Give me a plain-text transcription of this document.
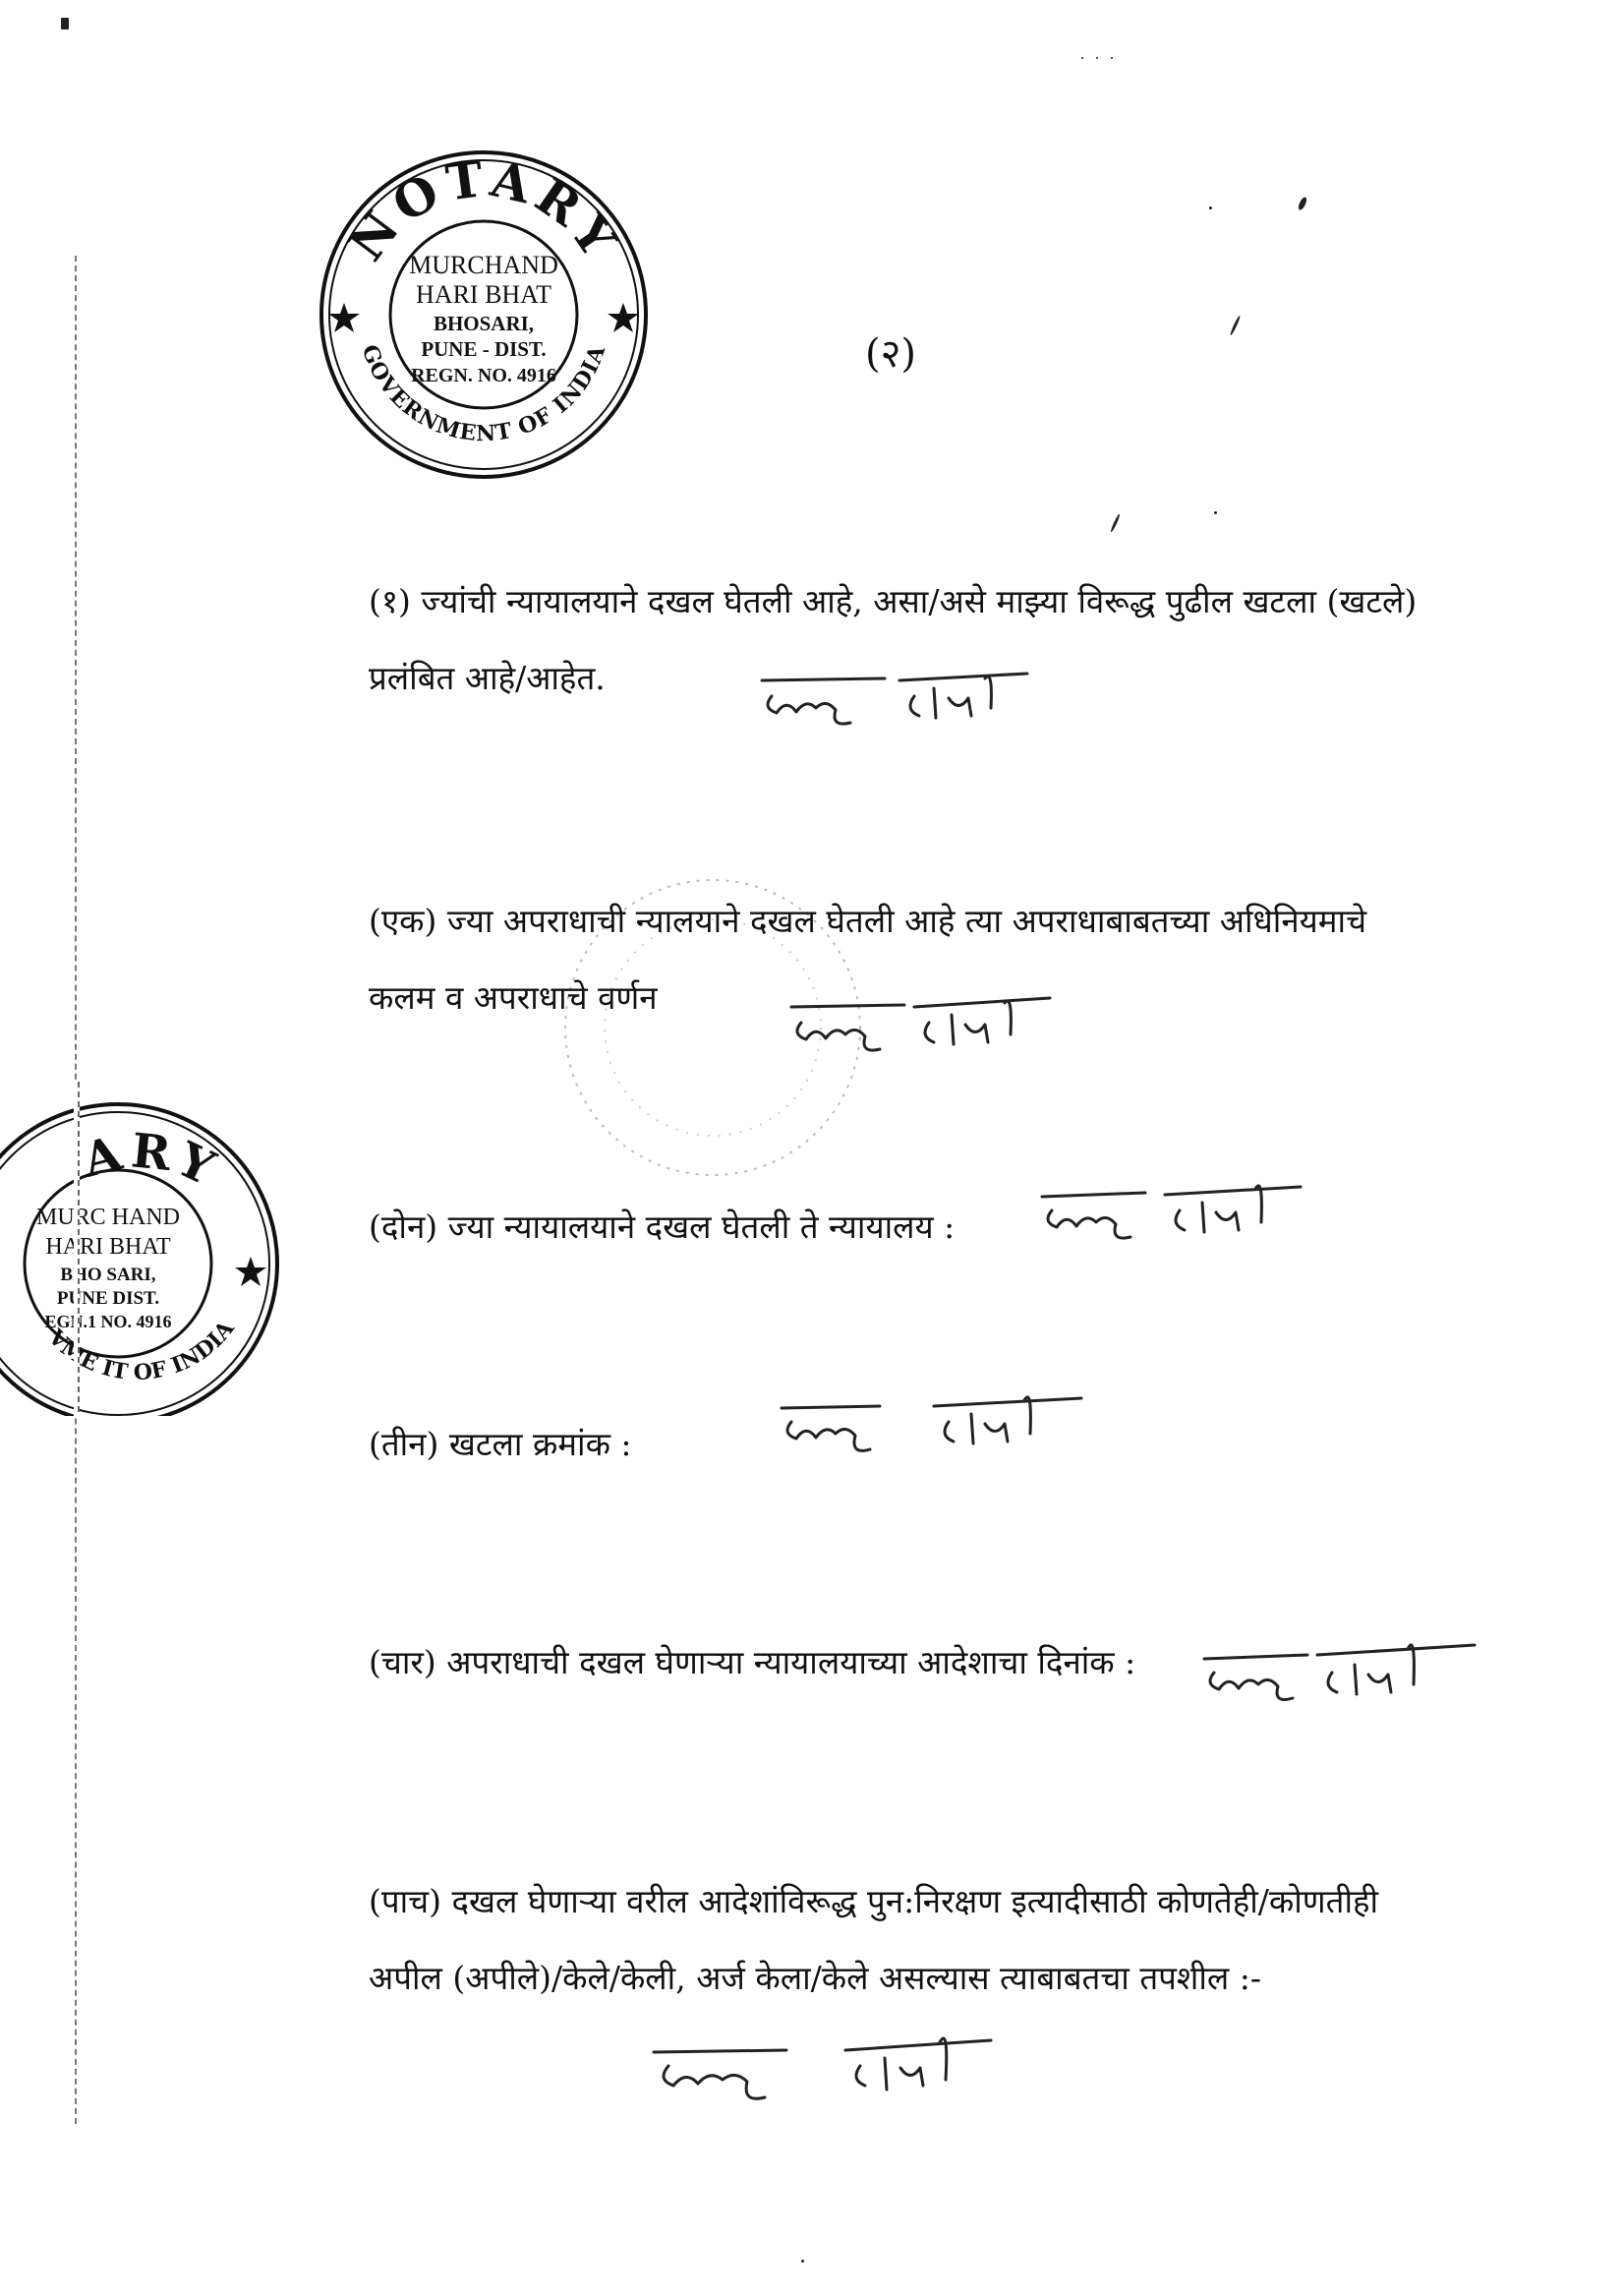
NOTARY
GOVERNMENT OF INDIA
MURCHAND
HARI BHAT
BHOSARI,
PUNE - DIST.
REGN. NO. 4916	(२)
ARY
VME IT OF INDIA
MURC HAND
HARI BHAT
BHO SARI,
PUNE DIST.
EGN.1 NO. 4916
(१) ज्यांची न्यायालयाने दखल घेतली आहे, असा/असे माझ्या विरूद्ध पुढील खटला (खटले)
प्रलंबित आहे/आहेत.
(एक) ज्या अपराधाची न्यालयाने दखल घेतली आहे त्या अपराधाबाबतच्या अधिनियमाचे
कलम व अपराधाचे वर्णन
(दोन) ज्या न्यायालयाने दखल घेतली ते न्यायालय :
(तीन) खटला क्रमांक :
(चार) अपराधाची दखल घेणाऱ्या न्यायालयाच्या आदेशाचा दिनांक :
(पाच) दखल घेणाऱ्या वरील आदेशांविरूद्ध पुन:निरक्षण इत्यादीसाठी कोणतेही/कोणतीही
अपील (अपीले)/केले/केली, अर्ज केला/केले असल्यास त्याबाबतचा तपशील :-
